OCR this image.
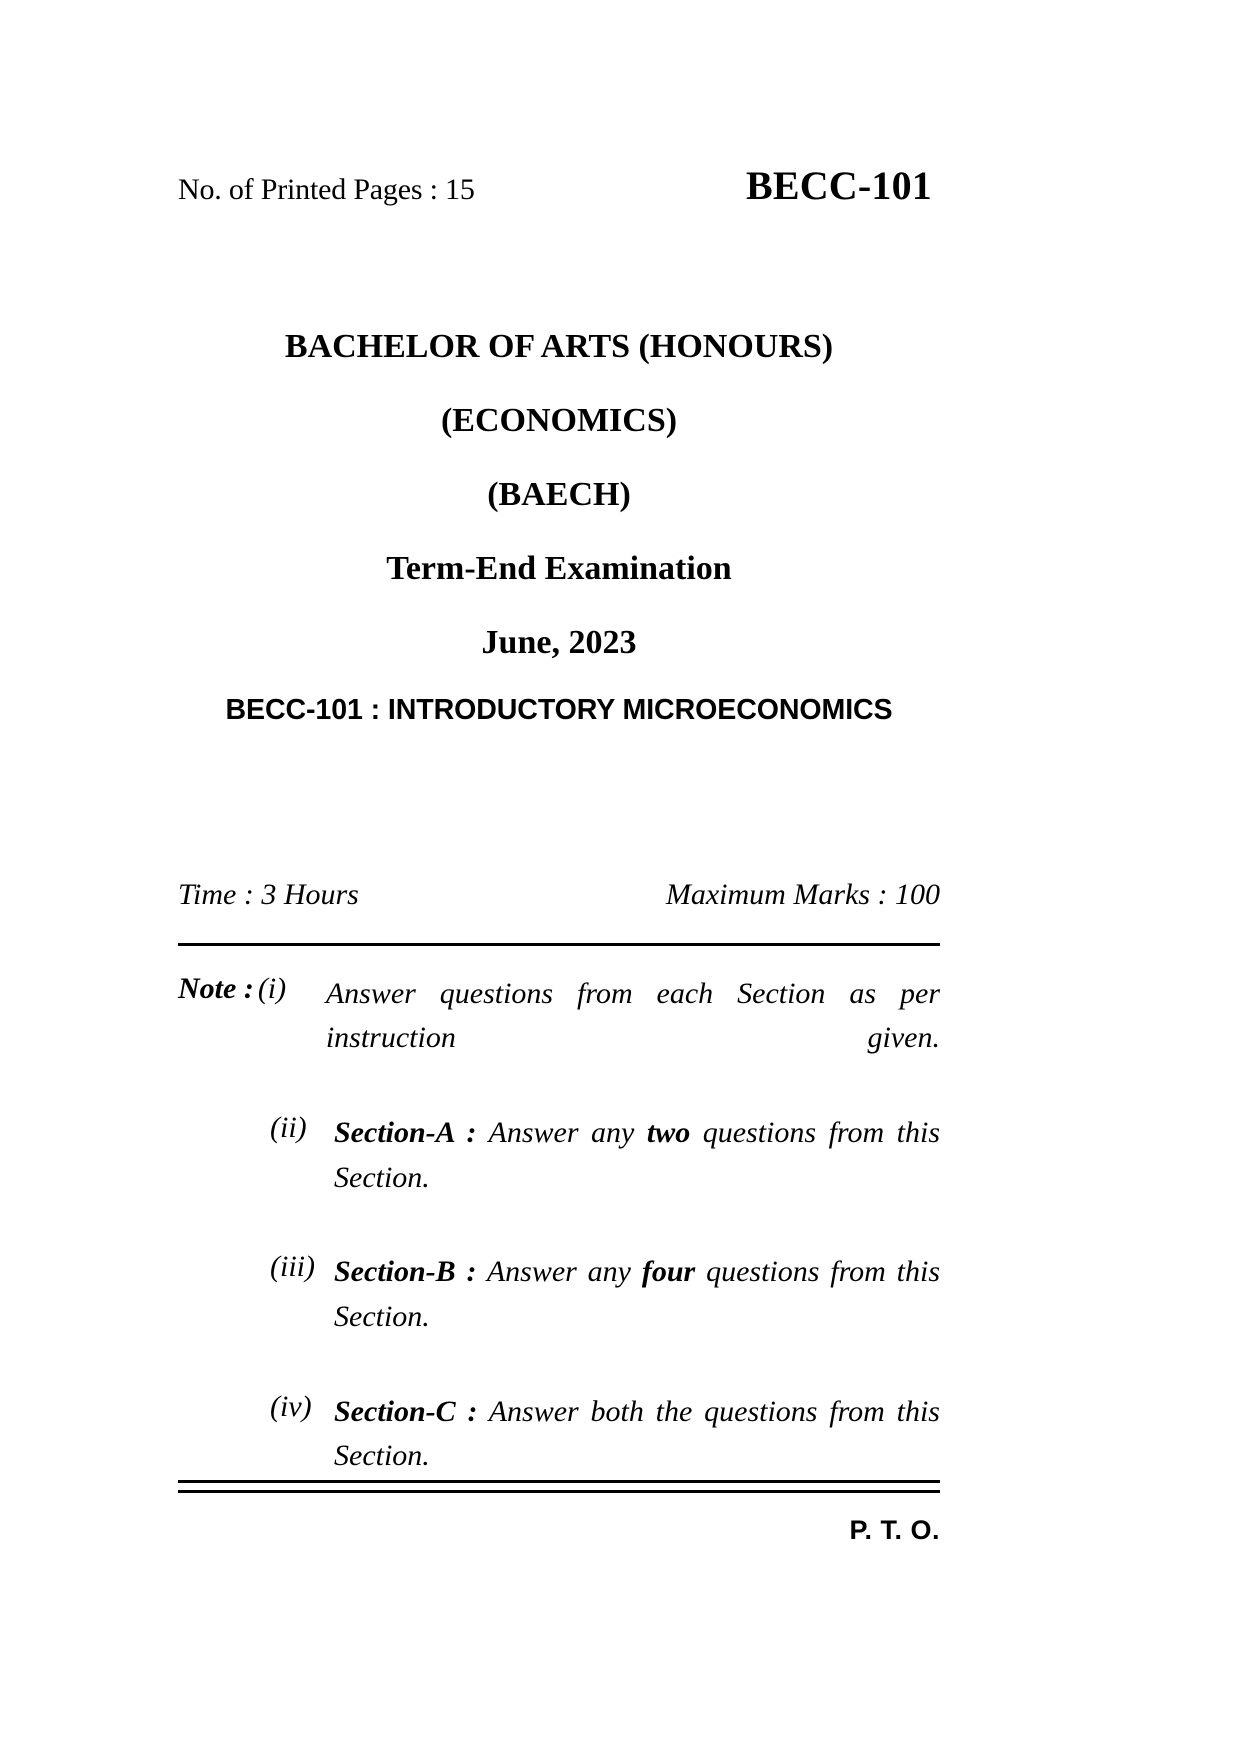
No. of Printed Pages : 15	BECC-101
BACHELOR OF ARTS (HONOURS)
(ECONOMICS)
(BAECH)
Term-End Examination
June, 2023
BECC-101 : INTRODUCTORY MICROECONOMICS
Time : 3 Hours	Maximum Marks : 100
Note : (i)	Answer questions from each Section as per instruction given.
(ii) Section-A : Answer any two questions from this Section.
(iii) Section-B : Answer any four questions from this Section.
(iv) Section-C : Answer both the questions from this Section.
P. T. O.
